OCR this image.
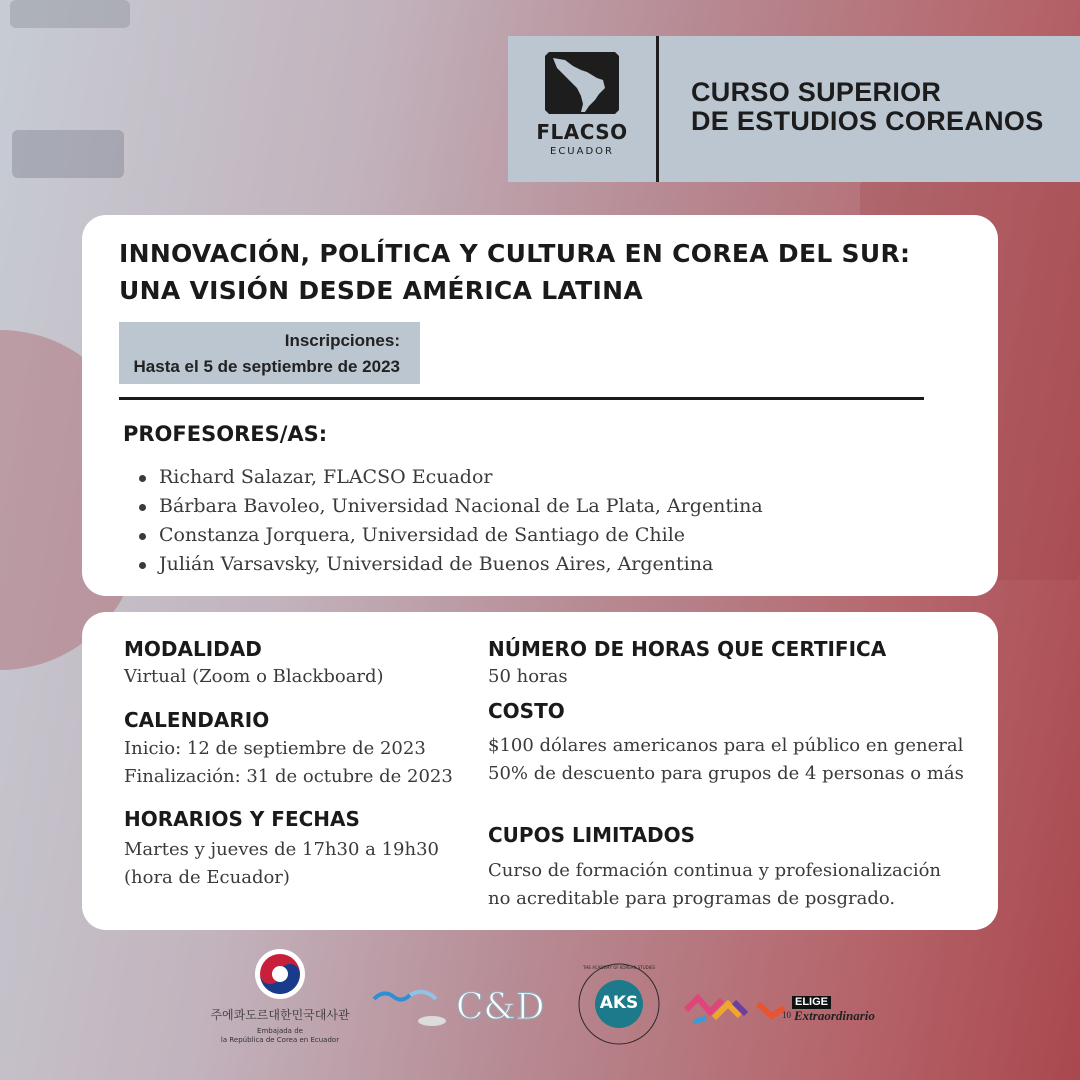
FLACSO
ECUADOR
CURSO SUPERIOR
DE ESTUDIOS COREANOS
INNOVACIÓN, POLÍTICA Y CULTURA EN COREA DEL SUR:
UNA VISIÓN DESDE AMÉRICA LATINA
Inscripciones:
Hasta el 5 de septiembre de 2023
PROFESORES/AS:
Richard Salazar, FLACSO Ecuador
Bárbara Bavoleo, Universidad Nacional de La Plata, Argentina
Constanza Jorquera, Universidad de Santiago de Chile
Julián Varsavsky, Universidad de Buenos Aires, Argentina
MODALIDAD
Virtual (Zoom o Blackboard)
CALENDARIO
Inicio: 12 de septiembre de 2023
Finalización: 31 de octubre de 2023
HORARIOS Y FECHAS
Martes y jueves de 17h30 a 19h30
(hora de Ecuador)
NÚMERO DE HORAS QUE CERTIFICA
50 horas
COSTO
$100 dólares americanos para el público en general
50% de descuento para grupos de 4 personas o más
CUPOS LIMITADOS
Curso de formación continua y profesionalización
no acreditable para programas de posgrado.
주에콰도르대한민국대사관
Embajada de
la República de Corea en Ecuador
C&D	AKS
THE ACADEMY OF KOREAN STUDIES
ELIGE
10 Extraordinario
